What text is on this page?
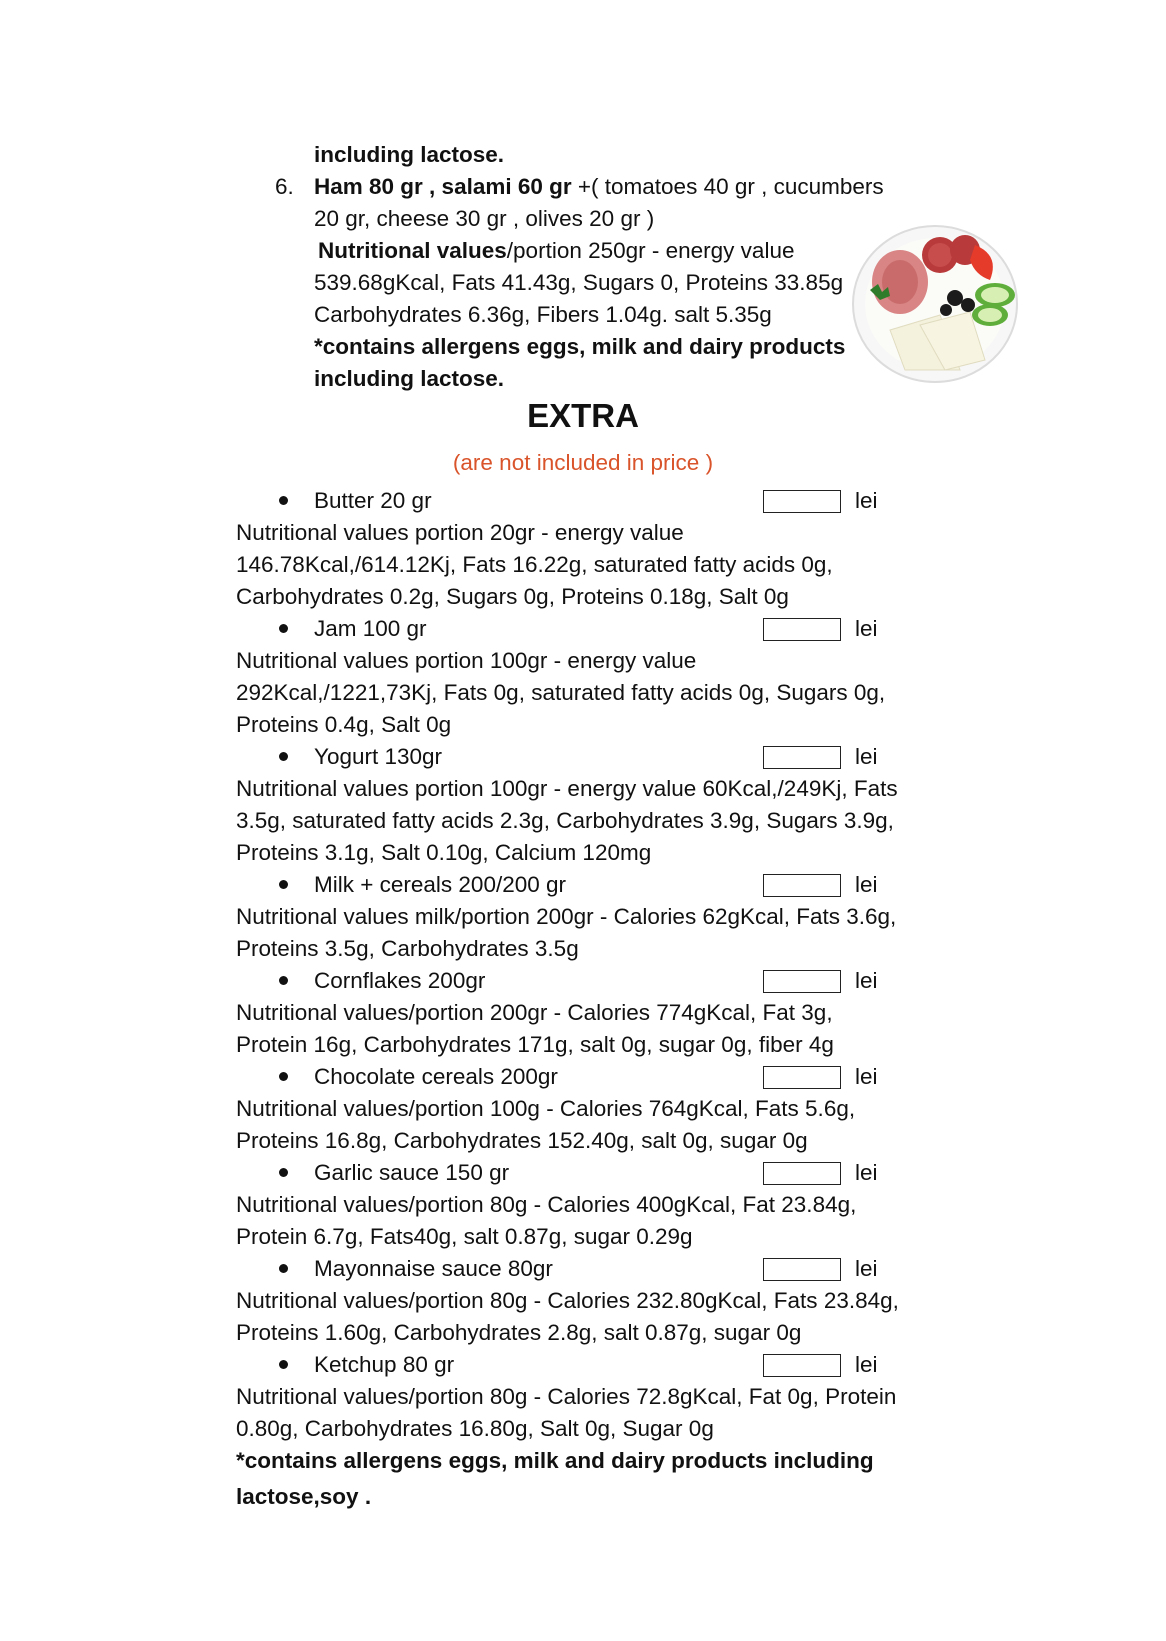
including lactose.
6. Ham 80 gr , salami 60 gr +( tomatoes 40 gr , cucumbers
20 gr, cheese 30 gr , olives 20 gr )
Nutritional values/portion 250gr - energy value
539.68gKcal, Fats 41.43g, Sugars 0, Proteins 33.85g
Carbohydrates 6.36g, Fibers 1.04g. salt 5.35g
*contains allergens eggs, milk and dairy products
including lactose.
EXTRA
(are not included in price )
Butter 20 gr	lei
Nutritional values portion 20gr - energy value
146.78Kcal,/614.12Kj, Fats 16.22g, saturated fatty acids 0g,
Carbohydrates 0.2g, Sugars 0g, Proteins 0.18g, Salt 0g
Jam 100 gr	lei
Nutritional values portion 100gr - energy value
292Kcal,/1221,73Kj, Fats 0g, saturated fatty acids 0g, Sugars 0g,
Proteins 0.4g, Salt 0g
Yogurt 130gr	lei
Nutritional values portion 100gr - energy value 60Kcal,/249Kj, Fats
3.5g, saturated fatty acids 2.3g, Carbohydrates 3.9g, Sugars 3.9g,
Proteins 3.1g, Salt 0.10g, Calcium 120mg
Milk + cereals 200/200 gr	lei
Nutritional values milk/portion 200gr - Calories 62gKcal, Fats 3.6g,
Proteins 3.5g, Carbohydrates 3.5g
Cornflakes 200gr	lei
Nutritional values/portion 200gr - Calories 774gKcal, Fat 3g,
Protein 16g, Carbohydrates 171g, salt 0g, sugar 0g, fiber 4g
Chocolate cereals 200gr	lei
Nutritional values/portion 100g - Calories 764gKcal, Fats 5.6g,
Proteins 16.8g, Carbohydrates 152.40g, salt 0g, sugar 0g
Garlic sauce 150 gr	lei
Nutritional values/portion 80g - Calories 400gKcal, Fat 23.84g,
Protein 6.7g, Fats40g, salt 0.87g, sugar 0.29g
Mayonnaise sauce 80gr	lei
Nutritional values/portion 80g - Calories 232.80gKcal, Fats 23.84g,
Proteins 1.60g, Carbohydrates 2.8g, salt 0.87g, sugar 0g
Ketchup 80 gr	lei
Nutritional values/portion 80g - Calories 72.8gKcal, Fat 0g, Protein
0.80g, Carbohydrates 16.80g, Salt 0g, Sugar 0g
*contains allergens eggs, milk and dairy products including
lactose,soy .
